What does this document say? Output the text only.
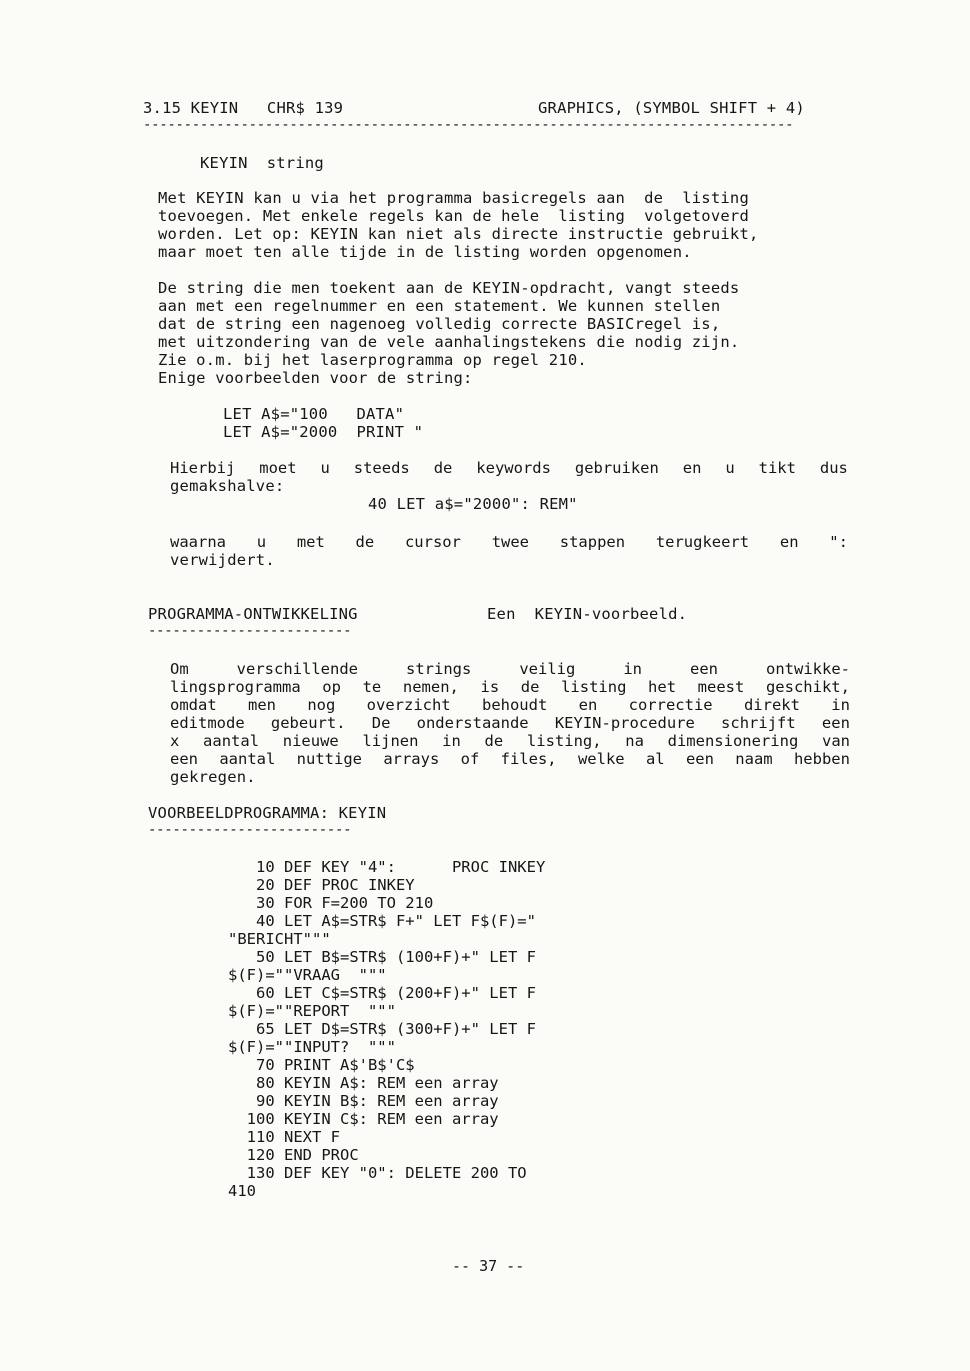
3.15 KEYIN   CHR$ 139	GRAPHICS, (SYMBOL SHIFT + 4)
--------------------------------------------------------------------------------
KEYIN  string
Met KEYIN kan u via het programma basicregels aan  de  listing
toevoegen. Met enkele regels kan de hele  listing  volgetoverd
worden. Let op: KEYIN kan niet als directe instructie gebruikt,
maar moet ten alle tijde in de listing worden opgenomen.
De string die men toekent aan de KEYIN-opdracht, vangt steeds
aan met een regelnummer en een statement. We kunnen stellen
dat de string een nagenoeg volledig correcte BASICregel is,
met uitzondering van de vele aanhalingstekens die nodig zijn.
Zie o.m. bij het laserprogramma op regel 210.
Enige voorbeelden voor de string:
LET A$="100   DATA"
LET A$="2000  PRINT "
Hierbij moet u steeds de keywords gebruiken en u tikt dus
gemakshalve:
40 LET a$="2000": REM"
waarna u met de cursor twee stappen terugkeert en ":
verwijdert.
PROGRAMMA-ONTWIKKELING	Een  KEYIN-voorbeeld.
-------------------------
Om	verschillende	strings	veilig	in	een	ontwikke-
lingsprogramma op te nemen, is de listing het meest geschikt,
omdat men nog overzicht behoudt en correctie direkt in
editmode gebeurt. De onderstaande KEYIN-procedure schrijft een
x aantal nieuwe lijnen in de listing, na dimensionering van
een aantal nuttige arrays of files, welke al een naam hebben
gekregen.
VOORBEELDPROGRAMMA: KEYIN
-------------------------
10 DEF KEY "4":      PROC INKEY
20 DEF PROC INKEY
30 FOR F=200 TO 210
40 LET A$=STR$ F+" LET F$(F)="
"BERICHT"""
50 LET B$=STR$ (100+F)+" LET F
$(F)=""VRAAG  """
60 LET C$=STR$ (200+F)+" LET F
$(F)=""REPORT  """
65 LET D$=STR$ (300+F)+" LET F
$(F)=""INPUT?  """
70 PRINT A$'B$'C$
80 KEYIN A$: REM een array
90 KEYIN B$: REM een array
100 KEYIN C$: REM een array
110 NEXT F
120 END PROC
130 DEF KEY "0": DELETE 200 TO
410
-- 37 --
